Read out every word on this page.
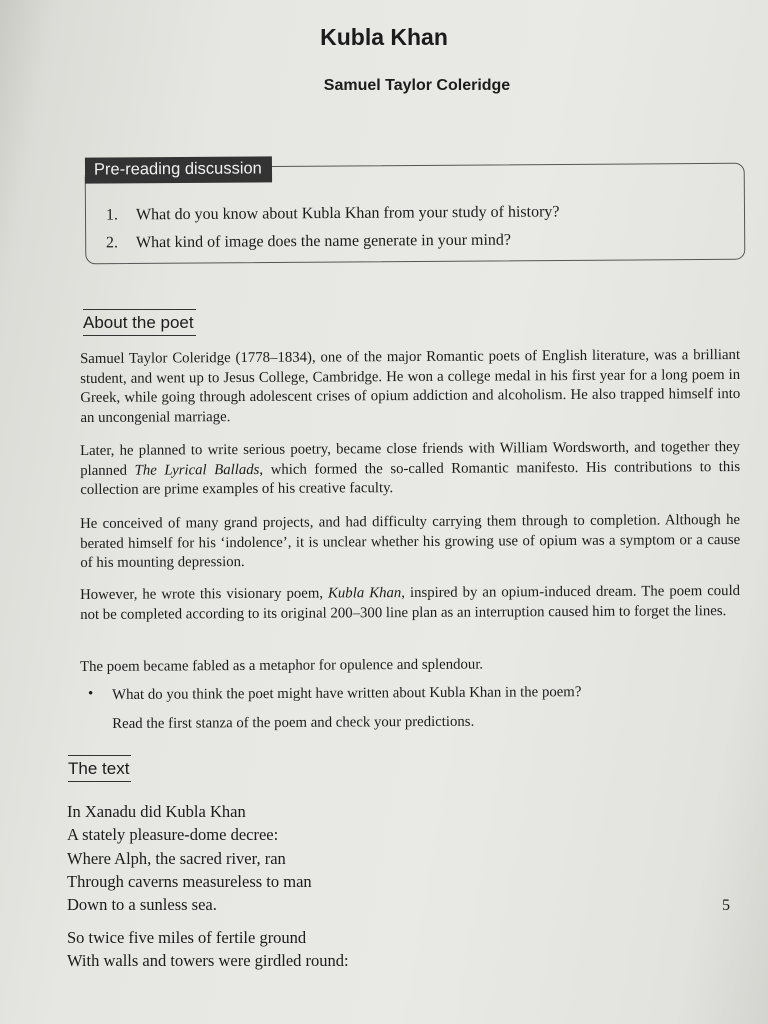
Kubla Khan
Samuel Taylor Coleridge
Pre-reading discussion
1. What do you know about Kubla Khan from your study of history?
2. What kind of image does the name generate in your mind?
About the poet
Samuel Taylor Coleridge (1778–1834), one of the major Romantic poets of English literature, was a brilliant student, and went up to Jesus College, Cambridge. He won a college medal in his first year for a long poem in Greek, while going through adolescent crises of opium addiction and alcoholism. He also trapped himself into an uncongenial marriage.
Later, he planned to write serious poetry, became close friends with William Wordsworth, and together they planned The Lyrical Ballads, which formed the so-called Romantic manifesto. His contributions to this collection are prime examples of his creative faculty.
He conceived of many grand projects, and had difficulty carrying them through to completion. Although he berated himself for his ‘indolence’, it is unclear whether his growing use of opium was a symptom or a cause of his mounting depression.
However, he wrote this visionary poem, Kubla Khan, inspired by an opium-induced dream. The poem could not be completed according to its original 200–300 line plan as an interruption caused him to forget the lines.
The poem became fabled as a metaphor for opulence and splendour.
• What do you think the poet might have written about Kubla Khan in the poem?
Read the first stanza of the poem and check your predictions.
The text
In Xanadu did Kubla Khan
A stately pleasure-dome decree:
Where Alph, the sacred river, ran
Through caverns measureless to man
Down to a sunless sea.
So twice five miles of fertile ground
With walls and towers were girdled round:
5
